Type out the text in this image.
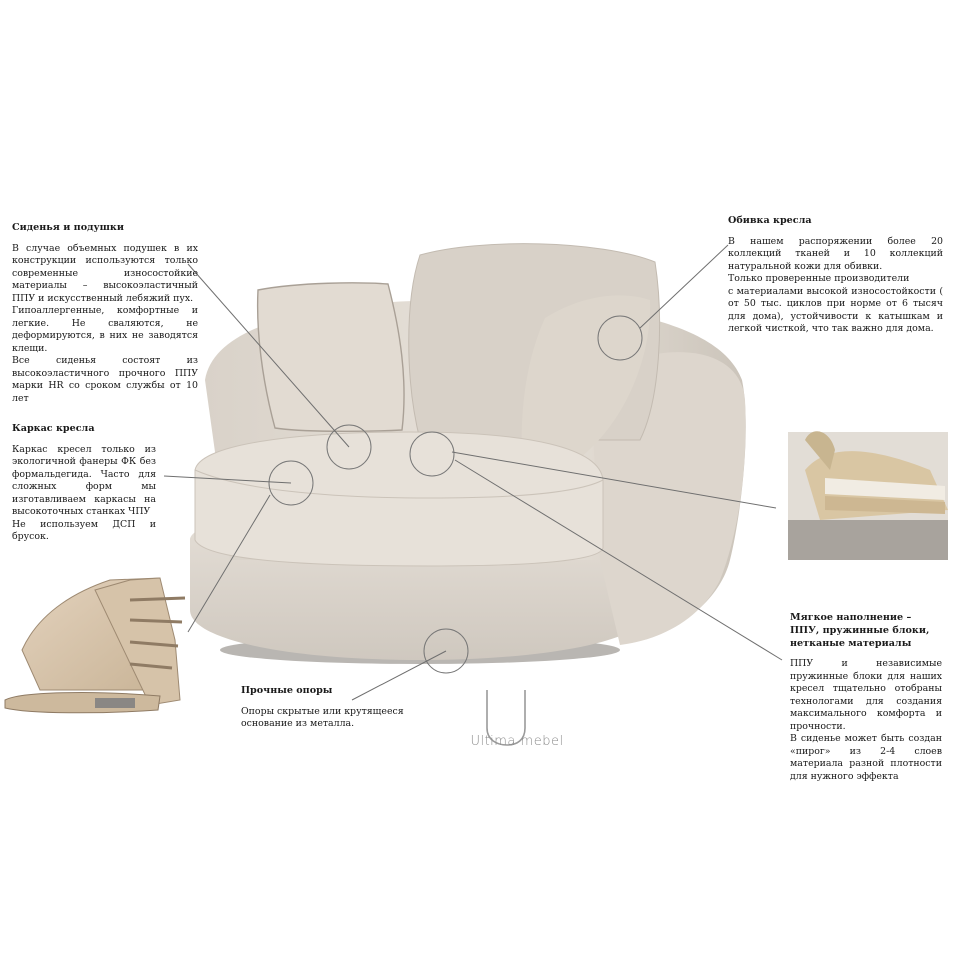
Сиденья и подушки
В случае объемных подушек в их конструкции используются только современные износостойкие материалы – высокоэластичный ППУ и искусственный лебяжий пух.
Гипоаллергенные, комфортные и легкие. Не сваляются, не деформируются, в них не заводятся клещи.
Все сиденья состоят из высокоэластичного прочного ППУ марки HR со сроком службы от 10 лет
Каркас кресла
Каркас кресел только из экологичной фанеры ФК без формальдегида. Часто для сложных форм мы изготавливаем каркасы на высокоточных станках ЧПУ
Не используем ДСП и брусок.
Обивка кресла
В нашем распоряжении более 20 коллекций тканей и 10 коллекций натуральной кожи для обивки.
Только проверенные производители
с материалами высокой износостойкости ( от 50 тыс. циклов при норме от 6 тысяч для дома), устойчивости к катышкам и легкой чисткой, что так важно для дома.
Мягкое наполнение – ППУ, пружинные блоки, нетканые материалы
ППУ и независимые пружинные блоки для наших кресел тщательно отобраны технологами для создания максимального комфорта и прочности.
В сиденье может быть создан «пирог» из 2-4 слоев материала разной плотности для нужного эффекта
Прочные опоры
Опоры скрытые или крутящееся основание из металла.
Ultima mebel
